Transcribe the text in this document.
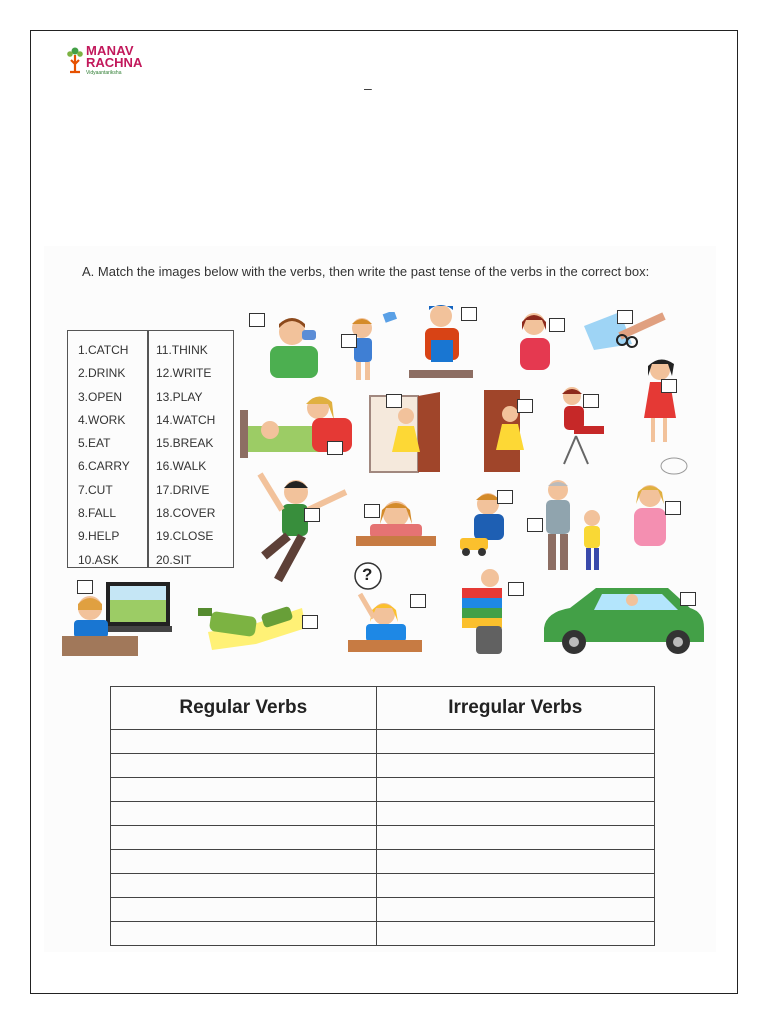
MANAV
RACHNA
Vidyaantariksha
–
A. Match the images below with the verbs, then write the past tense of the verbs in the correct box:
1.CATCH
2.DRINK
3.OPEN
4.WORK
5.EAT
6.CARRY
7.CUT
8.FALL
9.HELP
10.ASK
11.THINK
12.WRITE
13.PLAY
14.WATCH
15.BREAK
16.WALK
17.DRIVE
18.COVER
19.CLOSE
20.SIT
?
Regular Verbs	Irregular Verbs
